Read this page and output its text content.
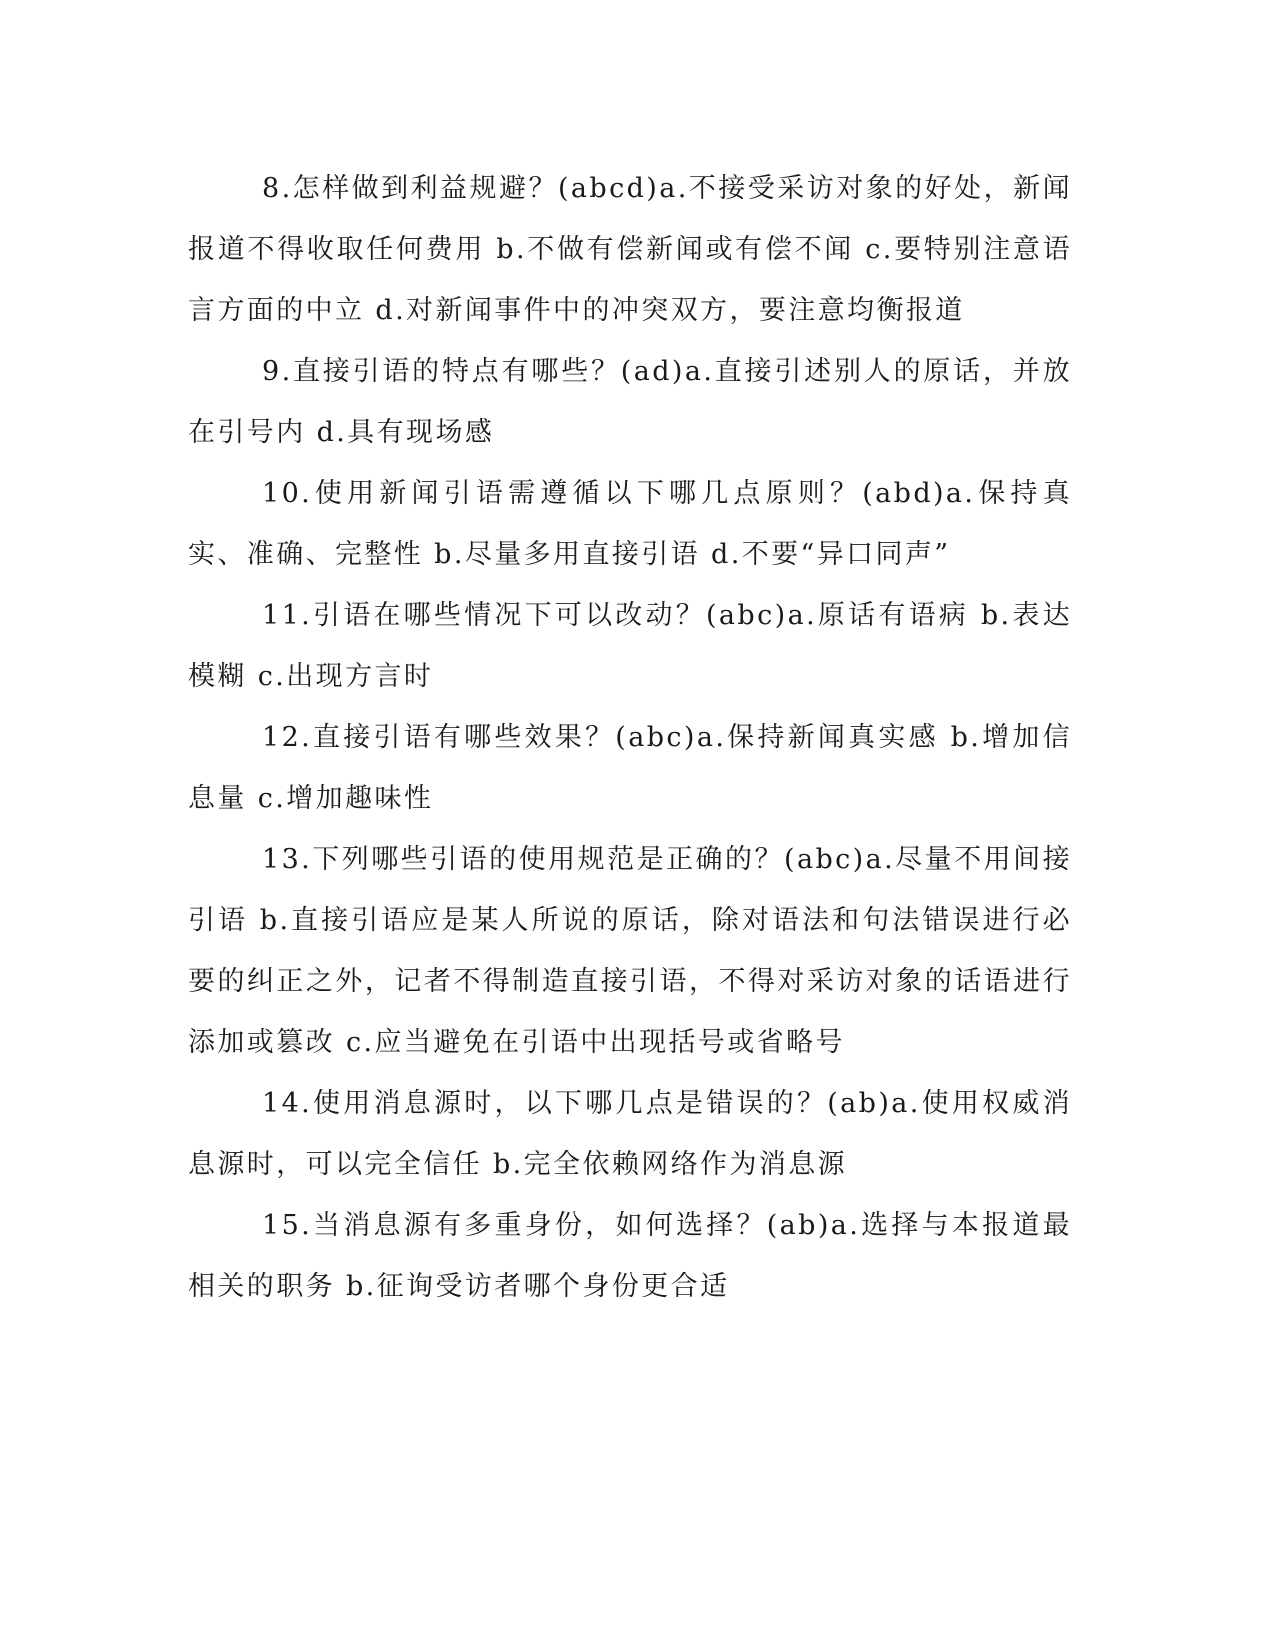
8.怎样做到利益规避？(abcd)a.不接受采访对象的好处，新闻报道不得收取任何费用 b.不做有偿新闻或有偿不闻 c.要特别注意语言方面的中立 d.对新闻事件中的冲突双方，要注意均衡报道

9.直接引语的特点有哪些？(ad)a.直接引述别人的原话，并放在引号内 d.具有现场感

10.使用新闻引语需遵循以下哪几点原则？(abd)a.保持真实、准确、完整性 b.尽量多用直接引语 d.不要“异口同声”

11.引语在哪些情况下可以改动？(abc)a.原话有语病 b.表达模糊 c.出现方言时

12.直接引语有哪些效果？(abc)a.保持新闻真实感 b.增加信息量 c.增加趣味性

13.下列哪些引语的使用规范是正确的？(abc)a.尽量不用间接引语 b.直接引语应是某人所说的原话，除对语法和句法错误进行必要的纠正之外，记者不得制造直接引语，不得对采访对象的话语进行添加或篡改 c.应当避免在引语中出现括号或省略号

14.使用消息源时，以下哪几点是错误的？(ab)a.使用权威消息源时，可以完全信任 b.完全依赖网络作为消息源

15.当消息源有多重身份，如何选择？(ab)a.选择与本报道最相关的职务 b.征询受访者哪个身份更合适
